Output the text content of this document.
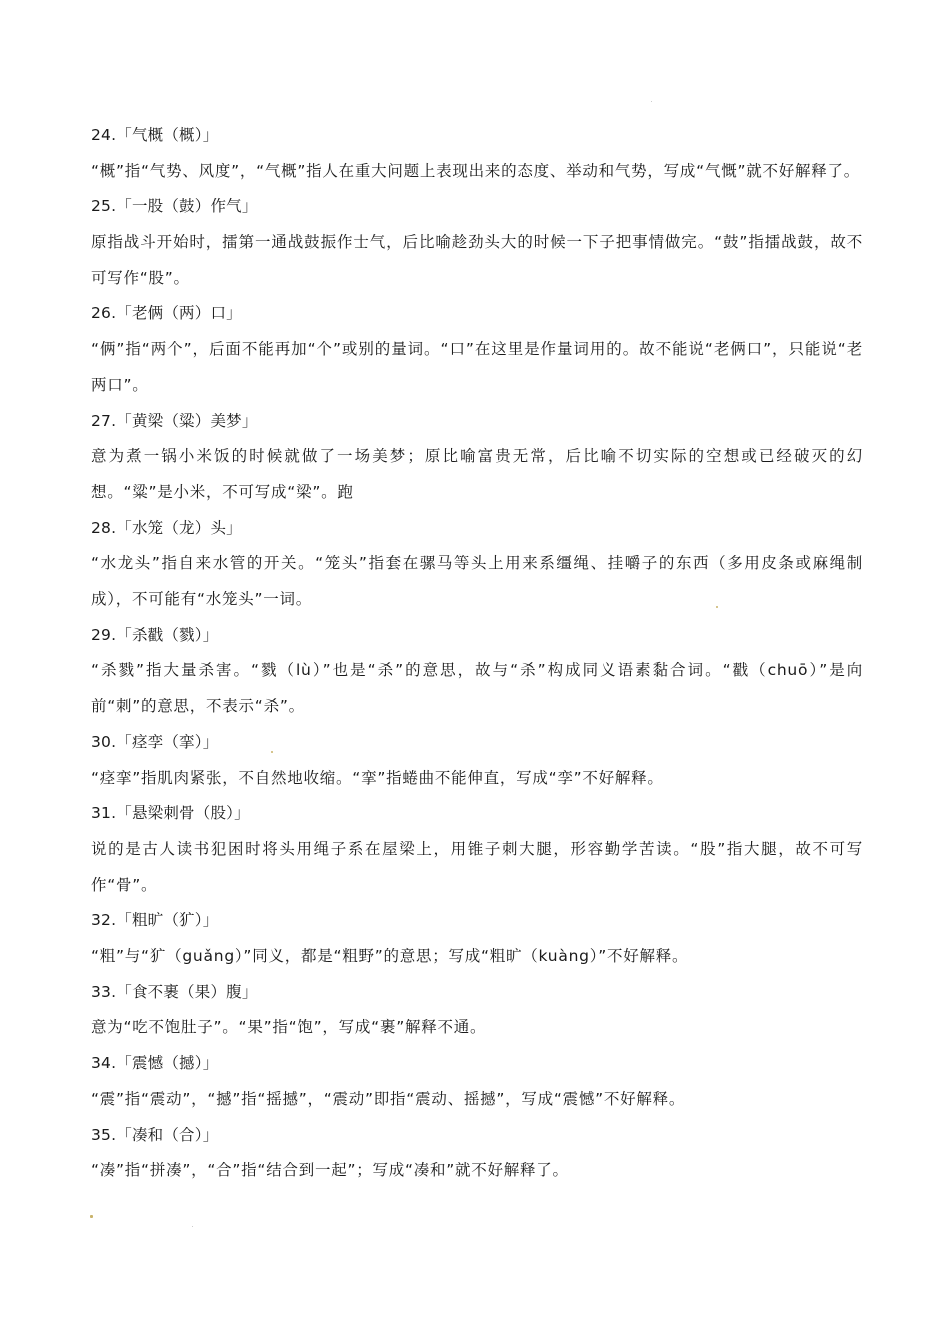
24.「气概（概）」
“概”指“气势、风度”，“气概”指人在重大问题上表现出来的态度、举动和气势，写成“气慨”就不好解释了。
25.「一股（鼓）作气」
原指战斗开始时，擂第一通战鼓振作士气，后比喻趁劲头大的时候一下子把事情做完。“鼓”指擂战鼓，故不可写作“股”。
26.「老俩（两）口」
“俩”指“两个”，后面不能再加“个”或别的量词。“口”在这里是作量词用的。故不能说“老俩口”，只能说“老两口”。
27.「黄梁（粱）美梦」
意为煮一锅小米饭的时候就做了一场美梦；原比喻富贵无常，后比喻不切实际的空想或已经破灭的幻想。“粱”是小米，不可写成“梁”。跑
28.「水笼（龙）头」
“水龙头”指自来水管的开关。“笼头”指套在骡马等头上用来系缰绳、挂嚼子的东西（多用皮条或麻绳制成），不可能有“水笼头”一词。
29.「杀戳（戮）」
“杀戮”指大量杀害。“戮（lù）”也是“杀”的意思，故与“杀”构成同义语素黏合词。“戳（chuō）”是向前“刺”的意思，不表示“杀”。
30.「痉孪（挛）」
“痉挛”指肌肉紧张，不自然地收缩。“挛”指蜷曲不能伸直，写成“孪”不好解释。
31.「悬梁刺骨（股）」
说的是古人读书犯困时将头用绳子系在屋梁上，用锥子刺大腿，形容勤学苦读。“股”指大腿，故不可写作“骨”。
32.「粗旷（犷）」
“粗”与“犷（guǎng）”同义，都是“粗野”的意思；写成“粗旷（kuàng）”不好解释。
33.「食不裹（果）腹」
意为“吃不饱肚子”。“果”指“饱”，写成“裹”解释不通。
34.「震憾（撼）」
“震”指“震动”，“撼”指“摇撼”，“震动”即指“震动、摇撼”，写成“震憾”不好解释。
35.「凑和（合）」
“凑”指“拼凑”，“合”指“结合到一起”；写成“凑和”就不好解释了。
